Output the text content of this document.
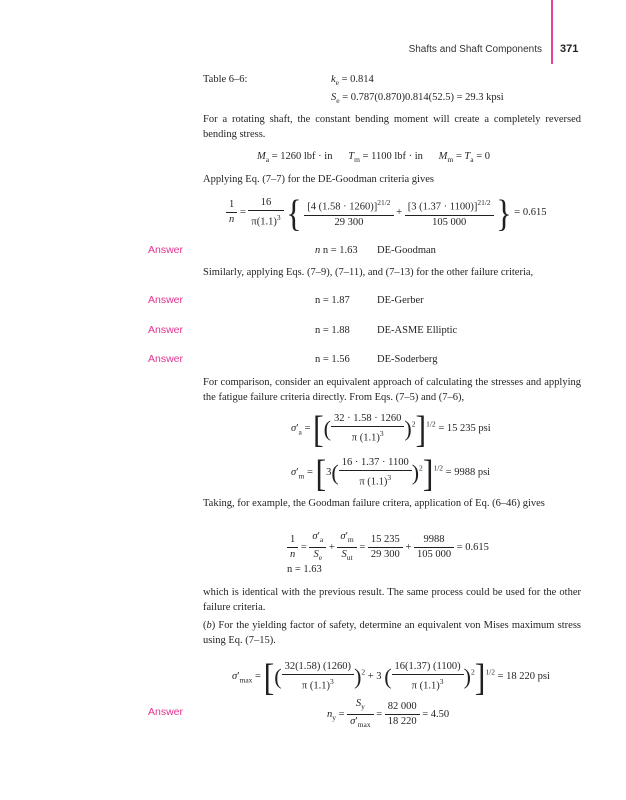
Shafts and Shaft Components 371
Table 6–6:	$k_e = 0.814$
$S_e = 0.787(0.870)0.814(52.5) = 29.3$ kpsi
For a rotating shaft, the constant bending moment will create a completely reversed bending stress.
$M_a = 1260$ lbf · in $T_m = 1100$ lbf · in $M_m = T_a = 0$
Applying Eq. (7–7) for the DE-Goodman criteria gives
$\frac{1}{n} = \frac{16}{\pi(1.1)^3}$ { $\frac{[4 (1.58 \cdot 1260)]^{21/2}}{29 300} + \frac{[3 (1.37 \cdot 1100)]^{21/2}}{105 000}$ } = 0.615
Answer	n n = 1.63 DE-Goodman
Similarly, applying Eqs. (7–9), (7–11), and (7–13) for the other failure criteria,
Answer	n = 1.87	DE-Gerber
Answer	n = 1.88	DE-ASME Elliptic
Answer	n = 1.56	DE-Soderberg
For comparison, consider an equivalent approach of calculating the stresses and applying the fatigue failure criteria directly. From Eqs. (7–5) and (7–6),
$\sigma'_a$ = [( $\frac{32 \cdot 1.58 \cdot 1260}{\pi (1.1)^3} )^2]^{1/2} = 15$ 235 psi
$\sigma'_m = [3( \frac{16 \cdot 1.37 \cdot 1100}{\pi (1.1)^3} )^2]^{1/2} = 9988$ psi
Taking, for example, the Goodman failure critera, application of Eq. (6–46) gives
$\frac{1}{n} = \frac{\sigma'_a}{S_e}$ +
$\sigma'_m$
$S_{ut}$
= $\frac{15 235}{29 300} + \frac{9988}{105 000} = 0.615$
n = 1.63
which is identical with the previous result. The same process could be used for the other failure criteria.
(b) For the yielding factor of safety, determine an equivalent von Mises maximum stress using Eq. (7–15).
$\sigma'_{max}$ = [( $\frac{32(1.58) (1260)}{\pi (1.1)^3} )^2 + 3$ ( $\frac{16(1.37) (1100)}{\pi (1.1)^3} )^2]^{1/2} = 18$ 220 psi
Answer	$n_y$ =
$S_y$
$\sigma'_{max}$
= $\frac{82 000}{18 220} = 4.50$
